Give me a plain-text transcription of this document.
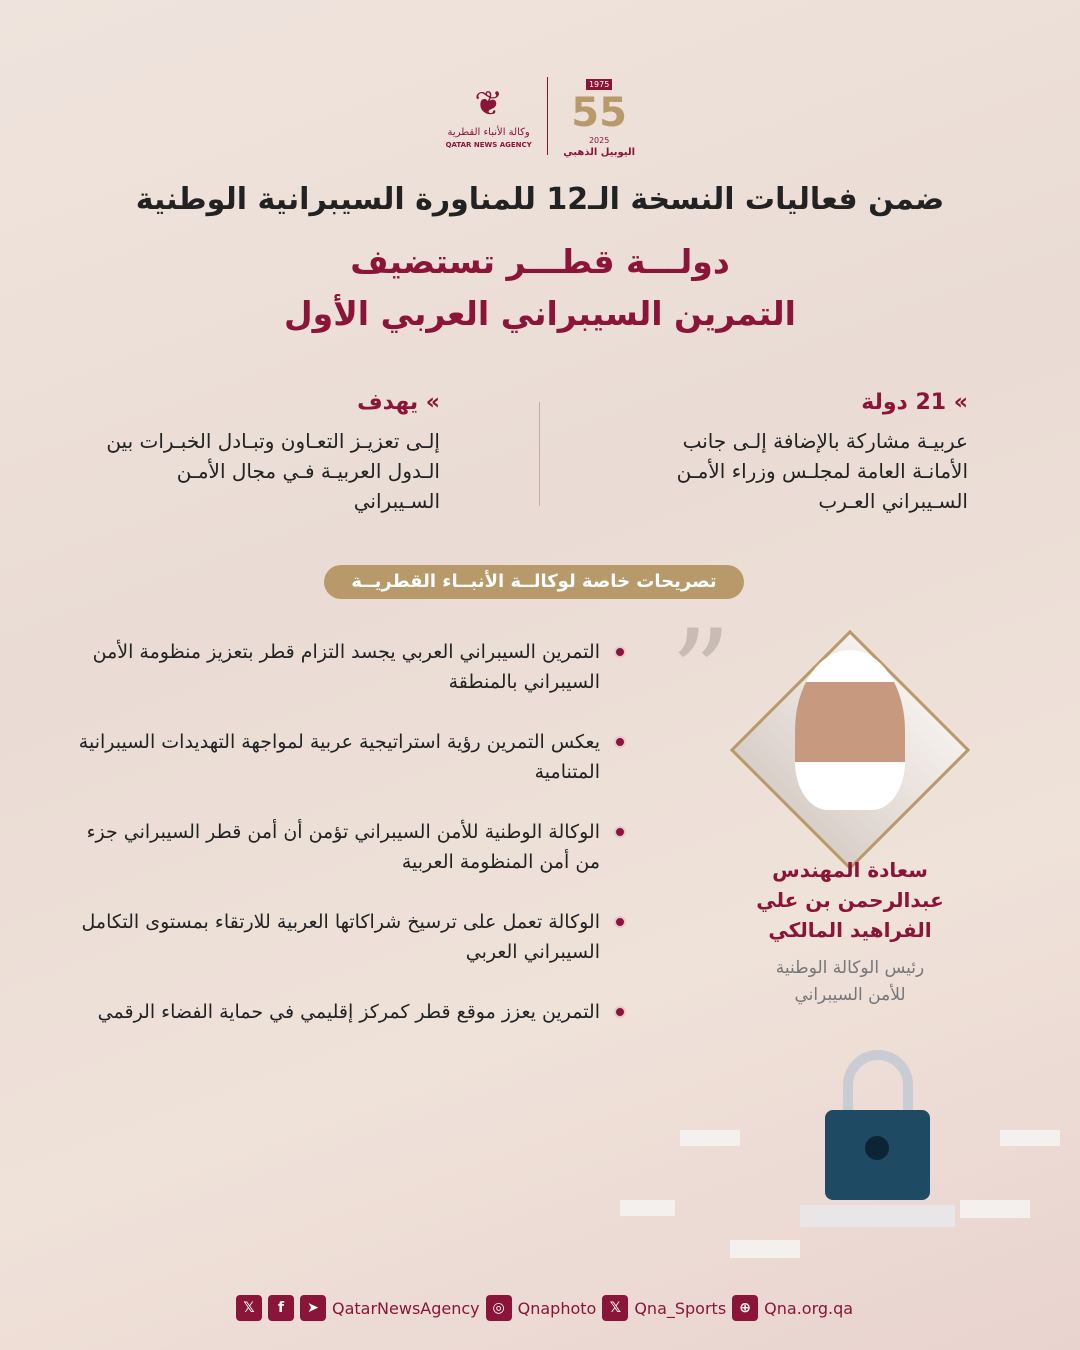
❦
وكالة الأنباء القطرية
QATAR NEWS AGENCY
1975
55
2025
اليوبيل الذهبي
ضمن فعاليات النسخة الـ12 للمناورة السيبرانية الوطنية
دولـــة قطـــر تستضيف
التمرين السيبراني العربي الأول
» 21 دولة

عربيـة مشاركة بالإضافة إلـى جانب الأمانـة العامة لمجلـس وزراء الأمـن السـيبراني العـرب

» يهدف

إلـى تعزيـز التعـاون وتبـادل الخبـرات بين الـدول العربيـة فـي مجال الأمـن السـيبراني

تصريحات خاصة لوكالــة الأنبــاء القطريــة
التمرين السيبراني العربي يجسد التزام قطر بتعزيز منظومة الأمن السيبراني بالمنطقة
يعكس التمرين رؤية استراتيجية عربية لمواجهة التهديدات السيبرانية المتنامية
الوكالة الوطنية للأمن السيبراني تؤمن أن أمن قطر السيبراني جزء من أمن المنظومة العربية
الوكالة تعمل على ترسيخ شراكاتها العربية للارتقاء بمستوى التكامل السيبراني العربي
التمرين يعزز موقع قطر كمركز إقليمي في حماية الفضاء الرقمي
”
سعادة المهندس
عبدالرحمن بن علي
الفراهيد المالكي
رئيس الوكالة الوطنية
للأمن السيبراني
𝕏	f	➤ QatarNewsAgency ◎ Qnaphoto 𝕏 Qna_Sports ⊕ Qna.org.qa
